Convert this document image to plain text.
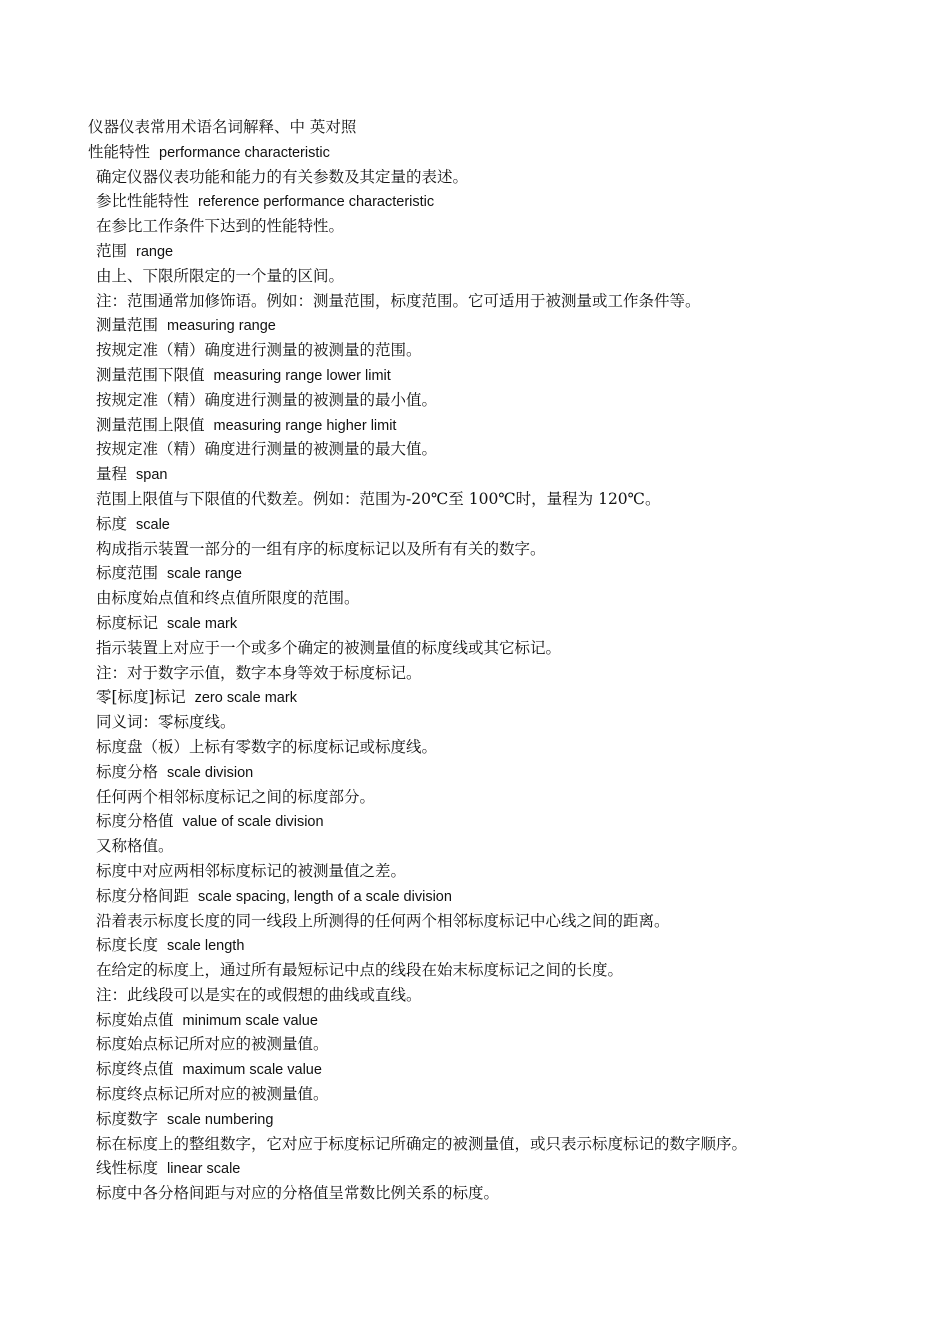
仪器仪表常用术语名词解释、中 英对照
性能特性 performance characteristic
确定仪器仪表功能和能力的有关参数及其定量的表述。
参比性能特性 reference performance characteristic
在参比工作条件下达到的性能特性。
范围 range
由上、下限所限定的一个量的区间。
注：范围通常加修饰语。例如：测量范围，标度范围。它可适用于被测量或工作条件等。
测量范围 measuring range
按规定准（精）确度进行测量的被测量的范围。
测量范围下限值 measuring range lower limit
按规定准（精）确度进行测量的被测量的最小值。
测量范围上限值 measuring range higher limit
按规定准（精）确度进行测量的被测量的最大值。
量程 span
范围上限值与下限值的代数差。例如：范围为-20℃至 100℃时，量程为 120℃。
标度 scale
构成指示装置一部分的一组有序的标度标记以及所有有关的数字。
标度范围 scale range
由标度始点值和终点值所限度的范围。
标度标记 scale mark
指示装置上对应于一个或多个确定的被测量值的标度线或其它标记。
注：对于数字示值，数字本身等效于标度标记。
零[标度]标记 zero scale mark
同义词：零标度线。
标度盘（板）上标有零数字的标度标记或标度线。
标度分格 scale division
任何两个相邻标度标记之间的标度部分。
标度分格值 value of scale division
又称格值。
标度中对应两相邻标度标记的被测量值之差。
标度分格间距 scale spacing, length of a scale division
沿着表示标度长度的同一线段上所测得的任何两个相邻标度标记中心线之间的距离。
标度长度 scale length
在给定的标度上，通过所有最短标记中点的线段在始末标度标记之间的长度。
注：此线段可以是实在的或假想的曲线或直线。
标度始点值 minimum scale value
标度始点标记所对应的被测量值。
标度终点值 maximum scale value
标度终点标记所对应的被测量值。
标度数字 scale numbering
标在标度上的整组数字，它对应于标度标记所确定的被测量值，或只表示标度标记的数字顺序。
线性标度 linear scale
标度中各分格间距与对应的分格值呈常数比例关系的标度。
